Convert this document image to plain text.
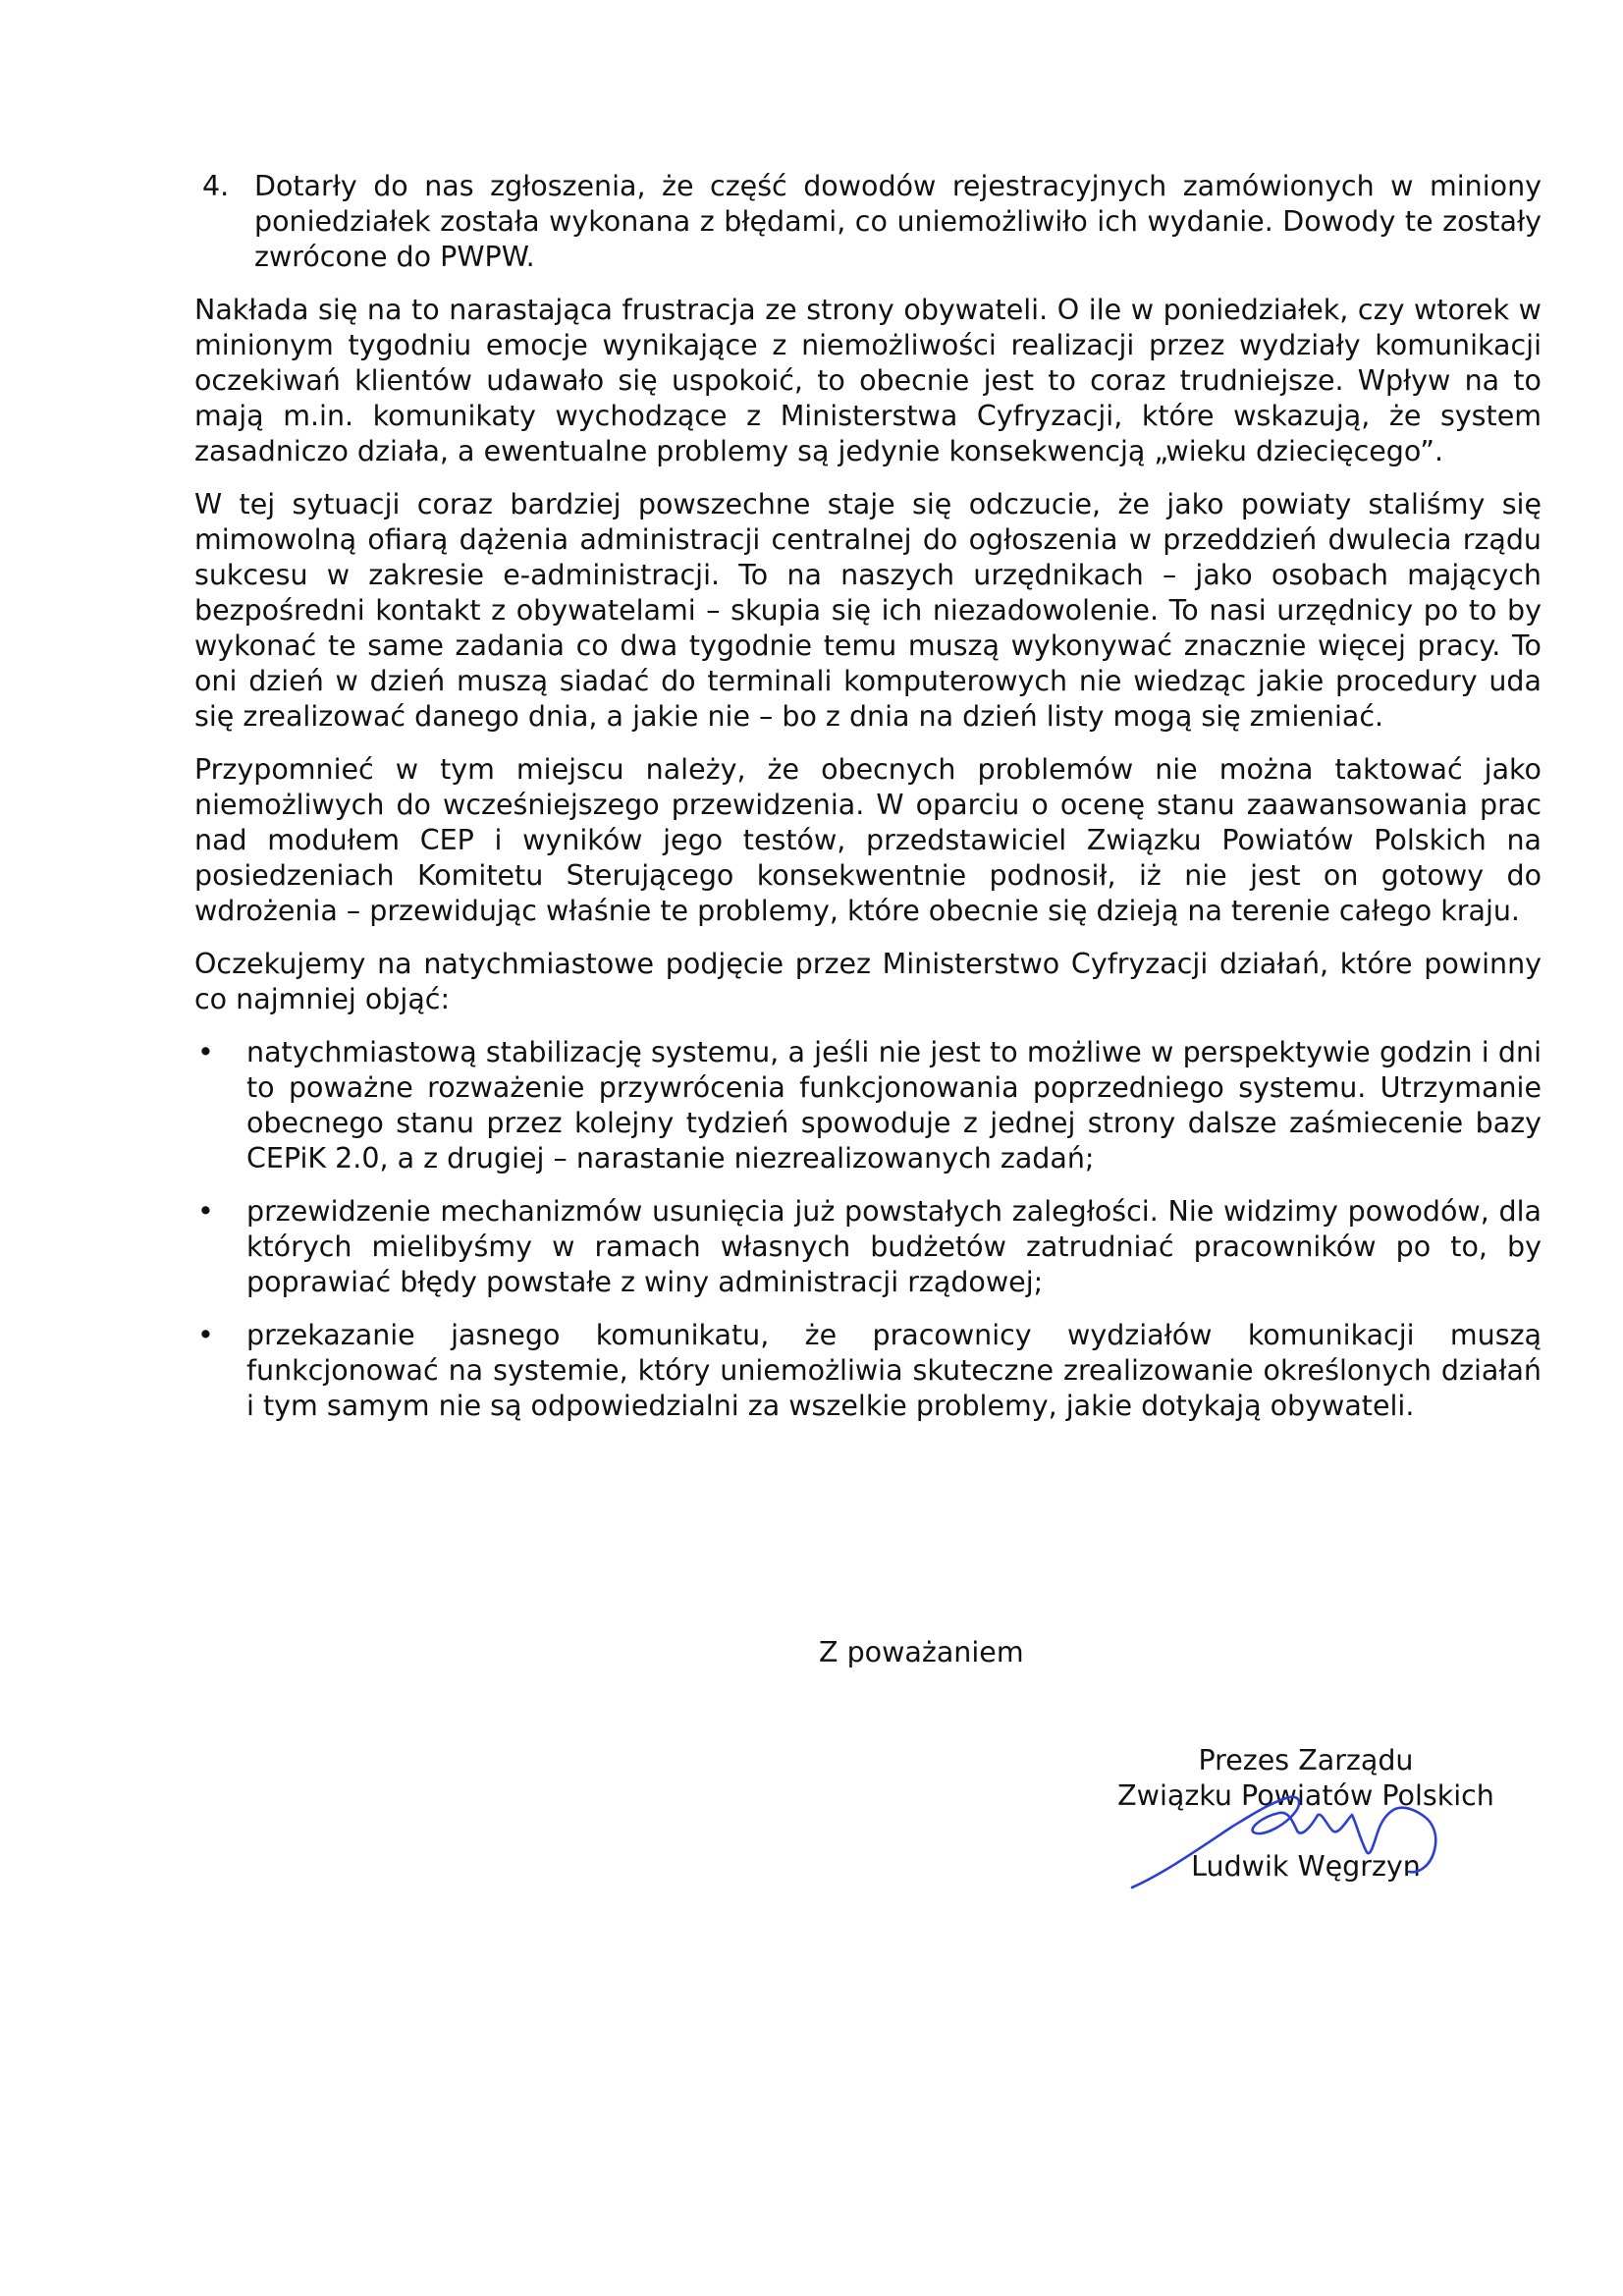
4. Dotarły do nas zgłoszenia, że część dowodów rejestracyjnych zamówionych w miniony poniedziałek została wykonana z błędami, co uniemożliwiło ich wydanie. Dowody te zostały zwrócone do PWPW.

Nakłada się na to narastająca frustracja ze strony obywateli. O ile w poniedziałek, czy wtorek w minionym tygodniu emocje wynikające z niemożliwości realizacji przez wydziały komunikacji oczekiwań klientów udawało się uspokoić, to obecnie jest to coraz trudniejsze. Wpływ na to mają m.in. komunikaty wychodzące z Ministerstwa Cyfryzacji, które wskazują, że system zasadniczo działa, a ewentualne problemy są jedynie konsekwencją „wieku dziecięcego”.

W tej sytuacji coraz bardziej powszechne staje się odczucie, że jako powiaty staliśmy się mimowolną ofiarą dążenia administracji centralnej do ogłoszenia w przeddzień dwulecia rządu sukcesu w zakresie e-administracji. To na naszych urzędnikach – jako osobach mających bezpośredni kontakt z obywatelami – skupia się ich niezadowolenie. To nasi urzędnicy po to by wykonać te same zadania co dwa tygodnie temu muszą wykonywać znacznie więcej pracy. To oni dzień w dzień muszą siadać do terminali komputerowych nie wiedząc jakie procedury uda się zrealizować danego dnia, a jakie nie – bo z dnia na dzień listy mogą się zmieniać.

Przypomnieć w tym miejscu należy, że obecnych problemów nie można taktować jako niemożliwych do wcześniejszego przewidzenia. W oparciu o ocenę stanu zaawansowania prac nad modułem CEP i wyników jego testów, przedstawiciel Związku Powiatów Polskich na posiedzeniach Komitetu Sterującego konsekwentnie podnosił, iż nie jest on gotowy do wdrożenia – przewidując właśnie te problemy, które obecnie się dzieją na terenie całego kraju.

Oczekujemy na natychmiastowe podjęcie przez Ministerstwo Cyfryzacji działań, które powinny co najmniej objąć:

• natychmiastową stabilizację systemu, a jeśli nie jest to możliwe w perspektywie godzin i dni to poważne rozważenie przywrócenia funkcjonowania poprzedniego systemu. Utrzymanie obecnego stanu przez kolejny tydzień spowoduje z jednej strony dalsze zaśmiecenie bazy CEPiK 2.0, a z drugiej – narastanie niezrealizowanych zadań;
• przewidzenie mechanizmów usunięcia już powstałych zaległości. Nie widzimy powodów, dla których mielibyśmy w ramach własnych budżetów zatrudniać pracowników po to, by poprawiać błędy powstałe z winy administracji rządowej;
• przekazanie jasnego komunikatu, że pracownicy wydziałów komunikacji muszą funkcjonować na systemie, który uniemożliwia skuteczne zrealizowanie określonych działań i tym samym nie są odpowiedzialni za wszelkie problemy, jakie dotykają obywateli.
Z poważaniem
Prezes Zarządu
Związku Powiatów Polskich
Ludwik Węgrzyn
